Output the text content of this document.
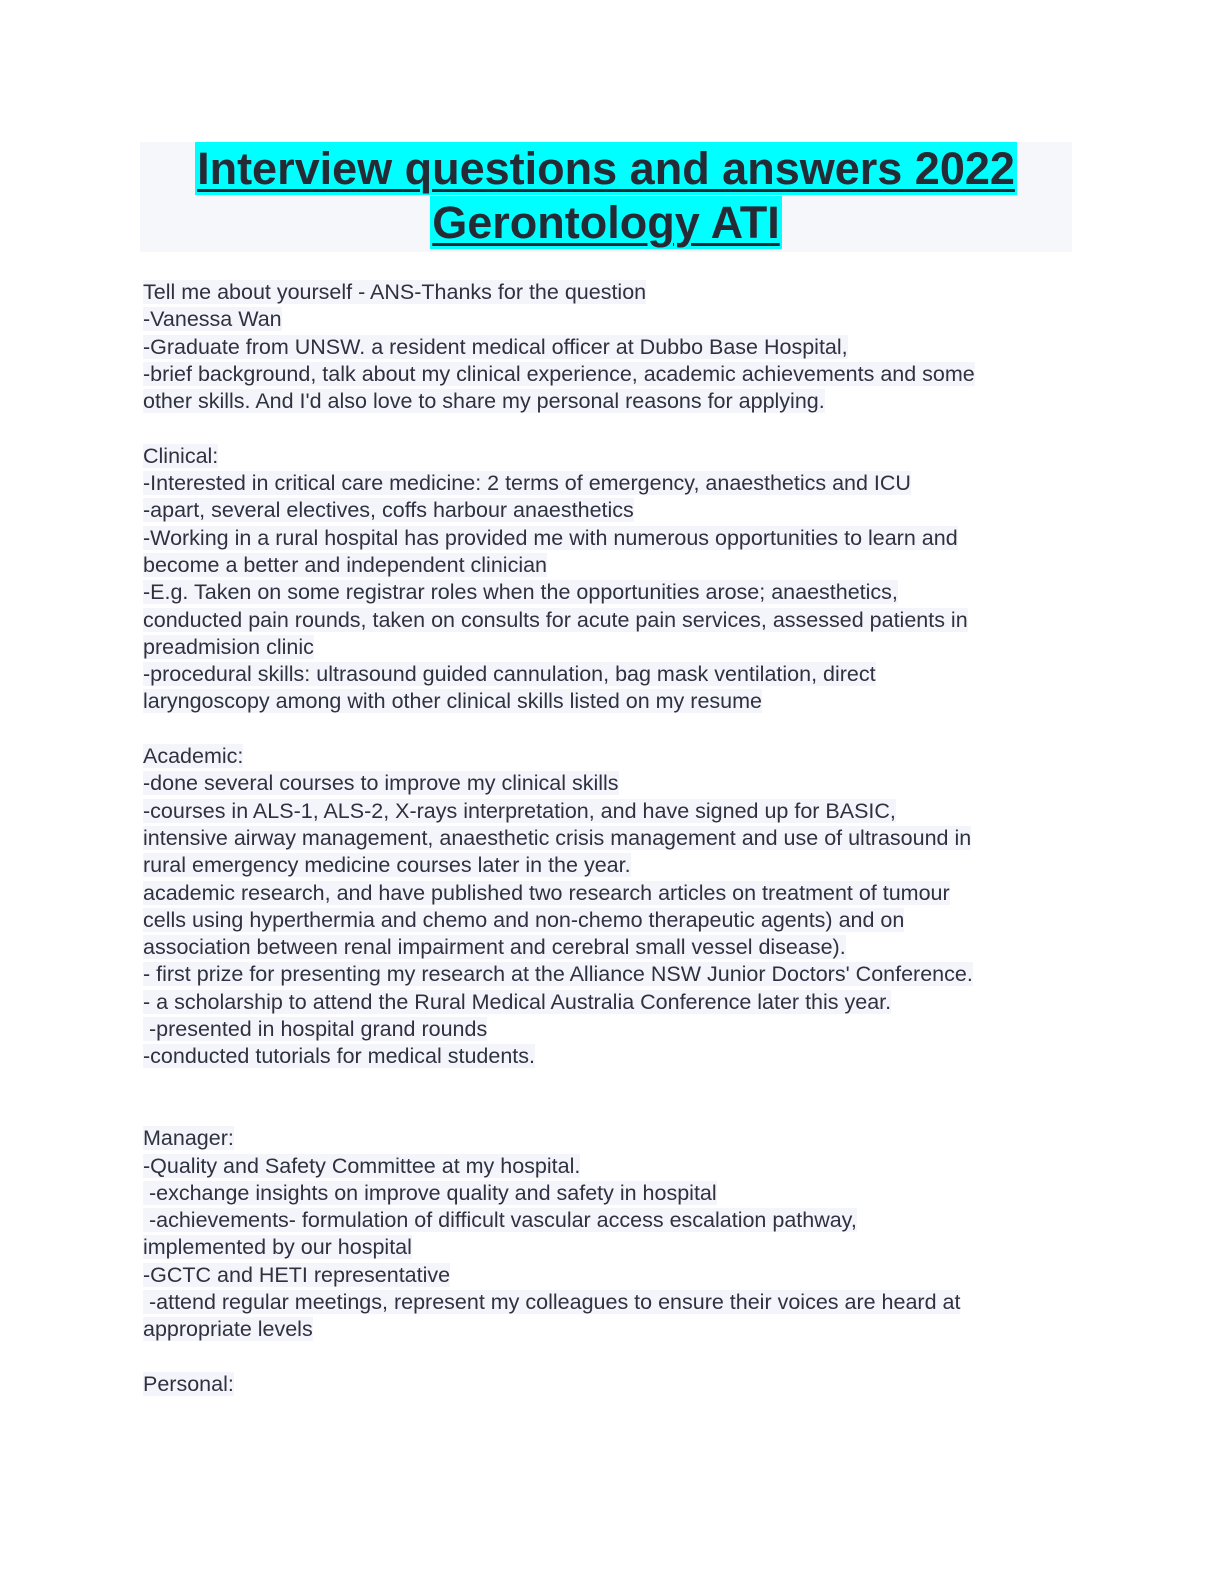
Interview questions and answers 2022
Gerontology ATI
Tell me about yourself - ANS-Thanks for the question
-Vanessa Wan
-Graduate from UNSW. a resident medical officer at Dubbo Base Hospital,
-brief background, talk about my clinical experience, academic achievements and some
other skills. And I'd also love to share my personal reasons for applying.
Clinical:
-Interested in critical care medicine: 2 terms of emergency, anaesthetics and ICU
-apart, several electives, coffs harbour anaesthetics
-Working in a rural hospital has provided me with numerous opportunities to learn and
become a better and independent clinician
-E.g. Taken on some registrar roles when the opportunities arose; anaesthetics,
conducted pain rounds, taken on consults for acute pain services, assessed patients in
preadmision clinic
-procedural skills: ultrasound guided cannulation, bag mask ventilation, direct
laryngoscopy among with other clinical skills listed on my resume
Academic:
-done several courses to improve my clinical skills
-courses in ALS-1, ALS-2, X-rays interpretation, and have signed up for BASIC,
intensive airway management, anaesthetic crisis management and use of ultrasound in
rural emergency medicine courses later in the year.
academic research, and have published two research articles on treatment of tumour
cells using hyperthermia and chemo and non-chemo therapeutic agents) and on
association between renal impairment and cerebral small vessel disease).
- first prize for presenting my research at the Alliance NSW Junior Doctors' Conference.
- a scholarship to attend the Rural Medical Australia Conference later this year.
-presented in hospital grand rounds
-conducted tutorials for medical students.
Manager:
-Quality and Safety Committee at my hospital.
-exchange insights on improve quality and safety in hospital
-achievements- formulation of difficult vascular access escalation pathway,
implemented by our hospital
-GCTC and HETI representative
-attend regular meetings, represent my colleagues to ensure their voices are heard at
appropriate levels
Personal:
